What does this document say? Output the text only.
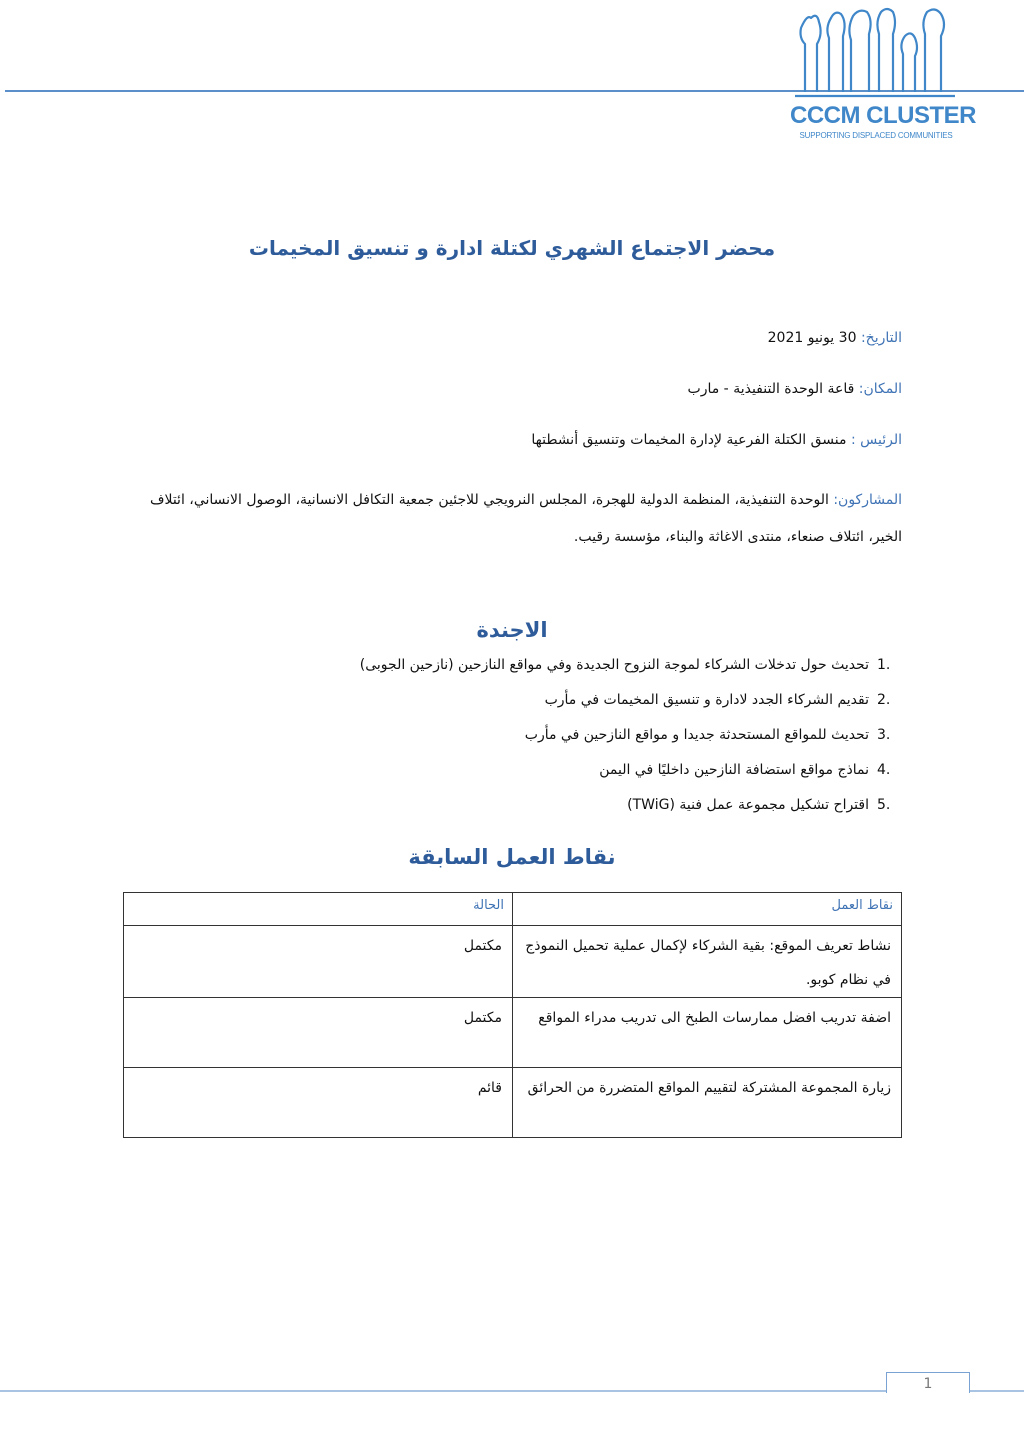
CCCM CLUSTER
SUPPORTING DISPLACED COMMUNITIES
محضر الاجتماع الشهري لكتلة ادارة و تنسيق المخيمات
التاريخ: 30 يونيو 2021
المكان: قاعة الوحدة التنفيذية - مارب
الرئيس : منسق الكتلة الفرعية لإدارة المخيمات وتنسيق أنشطتها
المشاركون: الوحدة التنفيذية، المنظمة الدولية للهجرة، المجلس النرويجي للاجئين جمعية التكافل الانسانية، الوصول الانساني، ائتلاف الخير، ائتلاف صنعاء، منتدى الاغاثة والبناء، مؤسسة رقيب.
الاجندة
1.
تحديث حول تدخلات الشركاء لموجة النزوح الجديدة وفي مواقع النازحين (نازحين الجوبى)
2.
تقديم الشركاء الجدد لادارة و تنسيق المخيمات في مأرب
3.
تحديث للمواقع المستحدثة جديدا و مواقع النازحين في مأرب
4.
نماذج مواقع استضافة النازحين داخليًا في اليمن
5.
اقتراح تشكيل مجموعة عمل فنية (TWiG)
نقاط العمل السابقة
نقاط العمل	الحالة
نشاط تعريف الموقع: بقية الشركاء لإكمال عملية تحميل النموذج في نظام كوبو.	مكتمل
اضفة تدريب افضل ممارسات الطبخ الى تدريب مدراء المواقع	مكتمل
زيارة المجموعة المشتركة لتقييم المواقع المتضررة من الحرائق	قائم
1
